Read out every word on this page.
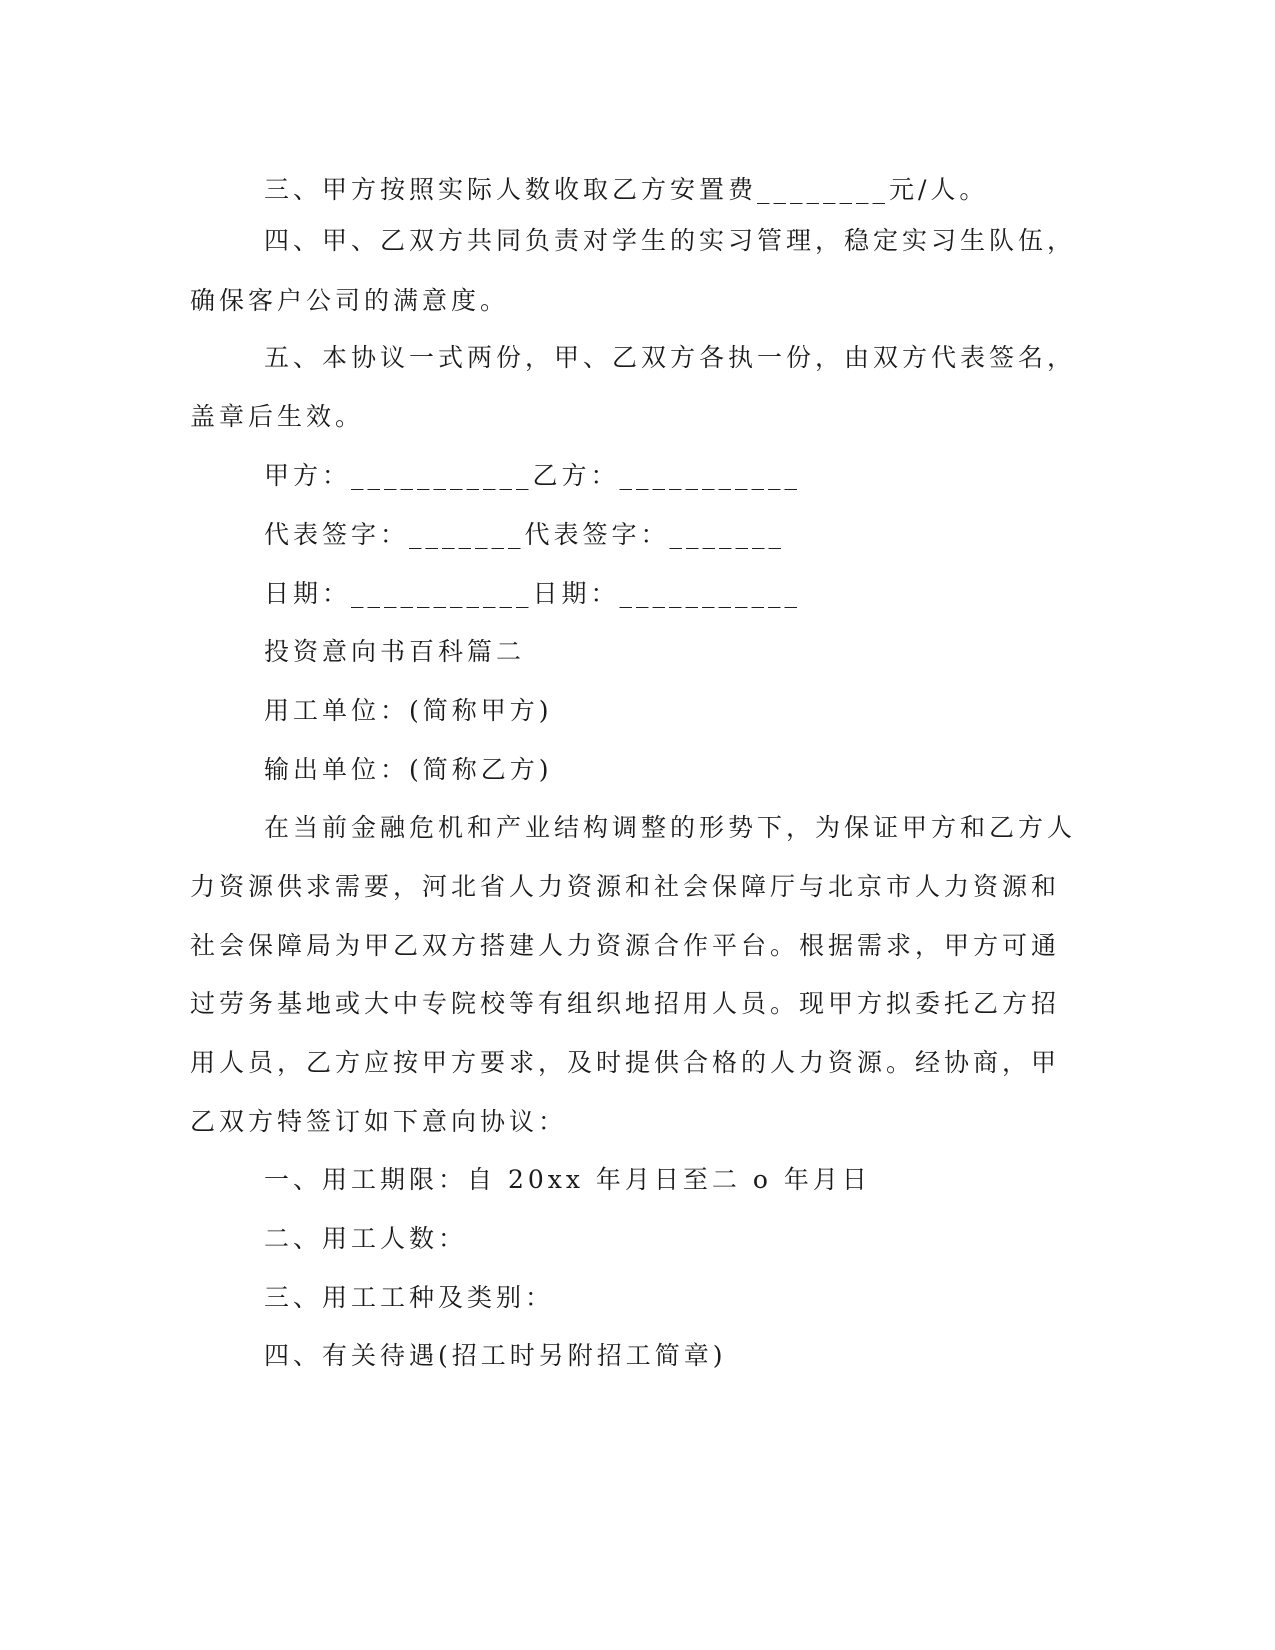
三、甲方按照实际人数收取乙方安置费________元/人。
四、甲、乙双方共同负责对学生的实习管理，稳定实习生队伍，
确保客户公司的满意度。
五、本协议一式两份，甲、乙双方各执一份，由双方代表签名，
盖章后生效。
甲方：___________乙方：___________
代表签字：_______代表签字：_______
日期：___________日期：___________
投资意向书百科篇二
用工单位：(简称甲方)
输出单位：(简称乙方)
在当前金融危机和产业结构调整的形势下，为保证甲方和乙方人
力资源供求需要，河北省人力资源和社会保障厅与北京市人力资源和
社会保障局为甲乙双方搭建人力资源合作平台。根据需求，甲方可通
过劳务基地或大中专院校等有组织地招用人员。现甲方拟委托乙方招
用人员，乙方应按甲方要求，及时提供合格的人力资源。经协商，甲
乙双方特签订如下意向协议：
一、用工期限：自 20xx 年月日至二 o 年月日
二、用工人数：
三、用工工种及类别：
四、有关待遇(招工时另附招工简章)
